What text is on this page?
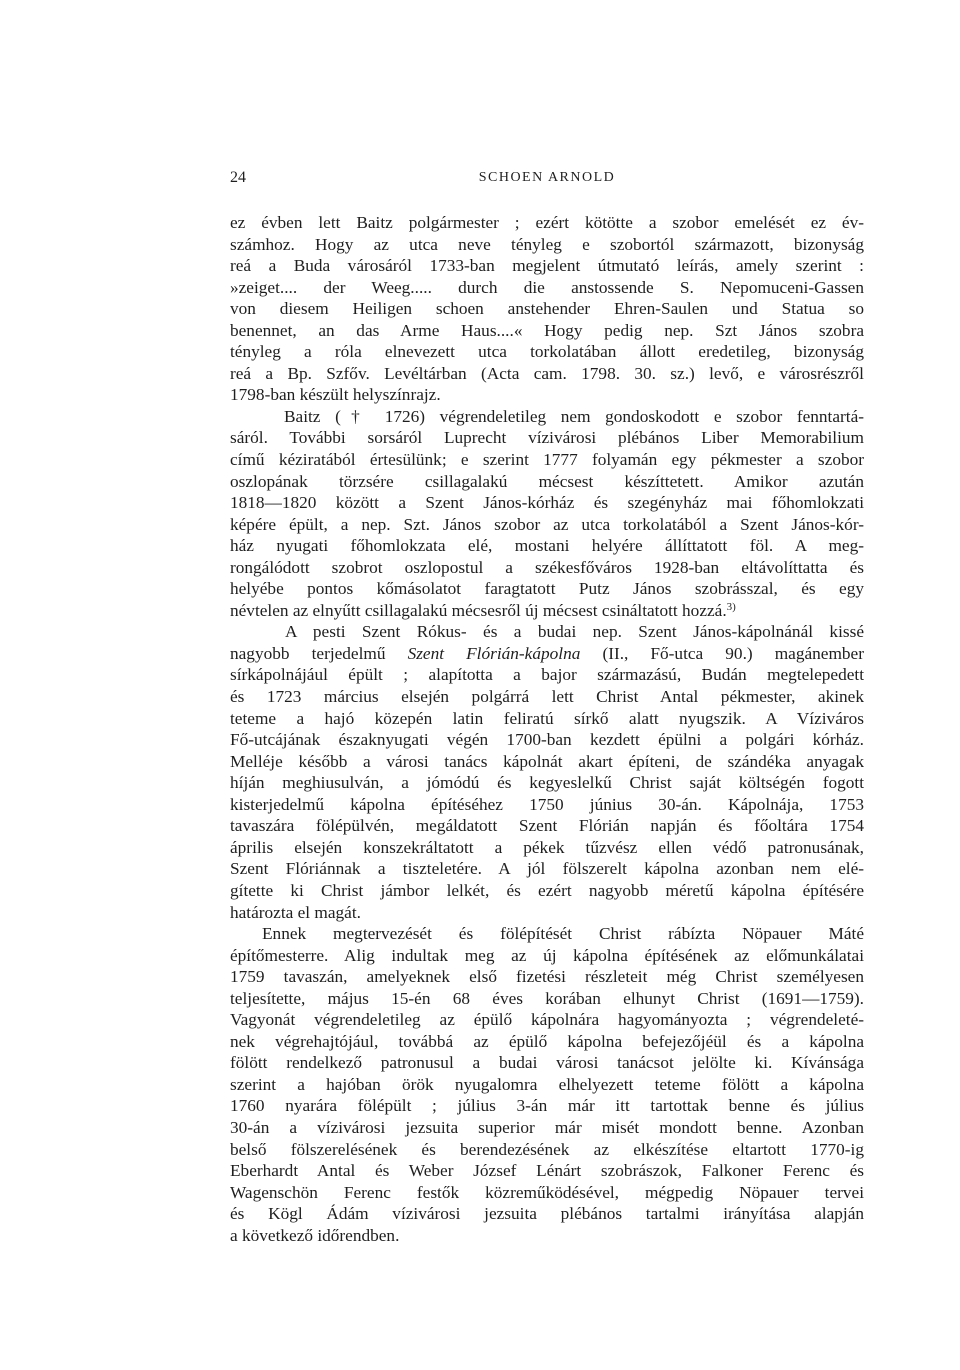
24	SCHOEN ARNOLD
ez évben lett Baitz polgármester ; ezért kötötte a szobor emelését ez év-
számhoz. Hogy az utca neve tényleg e szobortól származott, bizonyság
reá a Buda városáról 1733-ban megjelent útmutató leírás, amely szerint :
»zeiget.... der Weeg..... durch die anstossende S. Nepomuceni-Gassen
von diesem Heiligen schoen anstehender Ehren-Saulen und Statua so
benennet, an das Arme Haus....« Hogy pedig nep. Szt János szobra
tényleg a róla elnevezett utca torkolatában állott eredetileg, bizonyság
reá a Bp. Szfőv. Levéltárban (Acta cam. 1798. 30. sz.) levő, e városrészről
1798-ban készült helyszínrajz.
Baitz († 1726) végrendeletileg nem gondoskodott e szobor fenntartá-
sáról. További sorsáról Luprecht vízivárosi plébános Liber Memorabilium
című kéziratából értesülünk; e szerint 1777 folyamán egy pékmester a szobor
oszlopának törzsére csillagalakú mécsest készíttetett. Amikor azután
1818—1820 között a Szent János-kórház és szegényház mai főhomlokzati
képére épült, a nep. Szt. János szobor az utca torkolatából a Szent János-kór-
ház nyugati főhomlokzata elé, mostani helyére állíttatott föl. A meg-
rongálódott szobrot oszlopostul a székesfőváros 1928-ban eltávolíttatta és
helyébe pontos kőmásolatot faragtatott Putz János szobrásszal, és egy
névtelen az elnyűtt csillagalakú mécsesről új mécsest csináltatott hozzá.$^{3)}$
A pesti Szent Rókus- és a budai nep. Szent János-kápolnánál kissé
nagyobb terjedelmű Szent Flórián-kápolna (II., Fő-utca 90.) magánember
sírkápolnájául épült ; alapította a bajor származású, Budán megtelepedett
és 1723 március elsején polgárrá lett Christ Antal pékmester, akinek
teteme a hajó közepén latin feliratú sírkő alatt nyugszik. A Víziváros
Fő-utcájának északnyugati végén 1700-ban kezdett épülni a polgári kórház.
Melléje később a városi tanács kápolnát akart építeni, de szándéka anyagak
híján meghiusulván, a jómódú és kegyeslelkű Christ saját költségén fogott
kisterjedelmű kápolna építéséhez 1750 június 30-án. Kápolnája, 1753
tavaszára fölépülvén, megáldatott Szent Flórián napján és főoltára 1754
április elsején konszekráltatott a pékek tűzvész ellen védő patronusának,
Szent Flóriánnak a tiszteletére. A jól fölszerelt kápolna azonban nem elé-
gítette ki Christ jámbor lelkét, és ezért nagyobb méretű kápolna építésére
határozta el magát.
Ennek megtervezését és fölépítését Christ rábízta Nöpauer Máté
építőmesterre. Alig indultak meg az új kápolna építésének az előmunkálatai
1759 tavaszán, amelyeknek első fizetési részleteit még Christ személyesen
teljesítette, május 15-én 68 éves korában elhunyt Christ (1691—1759).
Vagyonát végrendeletileg az épülő kápolnára hagyományozta ; végrendeleté-
nek végrehajtójául, továbbá az épülő kápolna befejezőjéül és a kápolna
fölött rendelkező patronusul a budai városi tanácsot jelölte ki. Kívánsága
szerint a hajóban örök nyugalomra elhelyezett teteme fölött a kápolna
1760 nyarára fölépült ; július 3-án már itt tartottak benne és július
30-án a vízivárosi jezsuita superior már misét mondott benne. Azonban
belső fölszerelésének és berendezésének az elkészítése eltartott 1770-ig
Eberhardt Antal és Weber József Lénárt szobrászok, Falkoner Ferenc és
Wagenschön Ferenc festők közreműködésével, mégpedig Nöpauer tervei
és Kögl Ádám vízivárosi jezsuita plébános tartalmi irányítása alapján
a következő időrendben.
